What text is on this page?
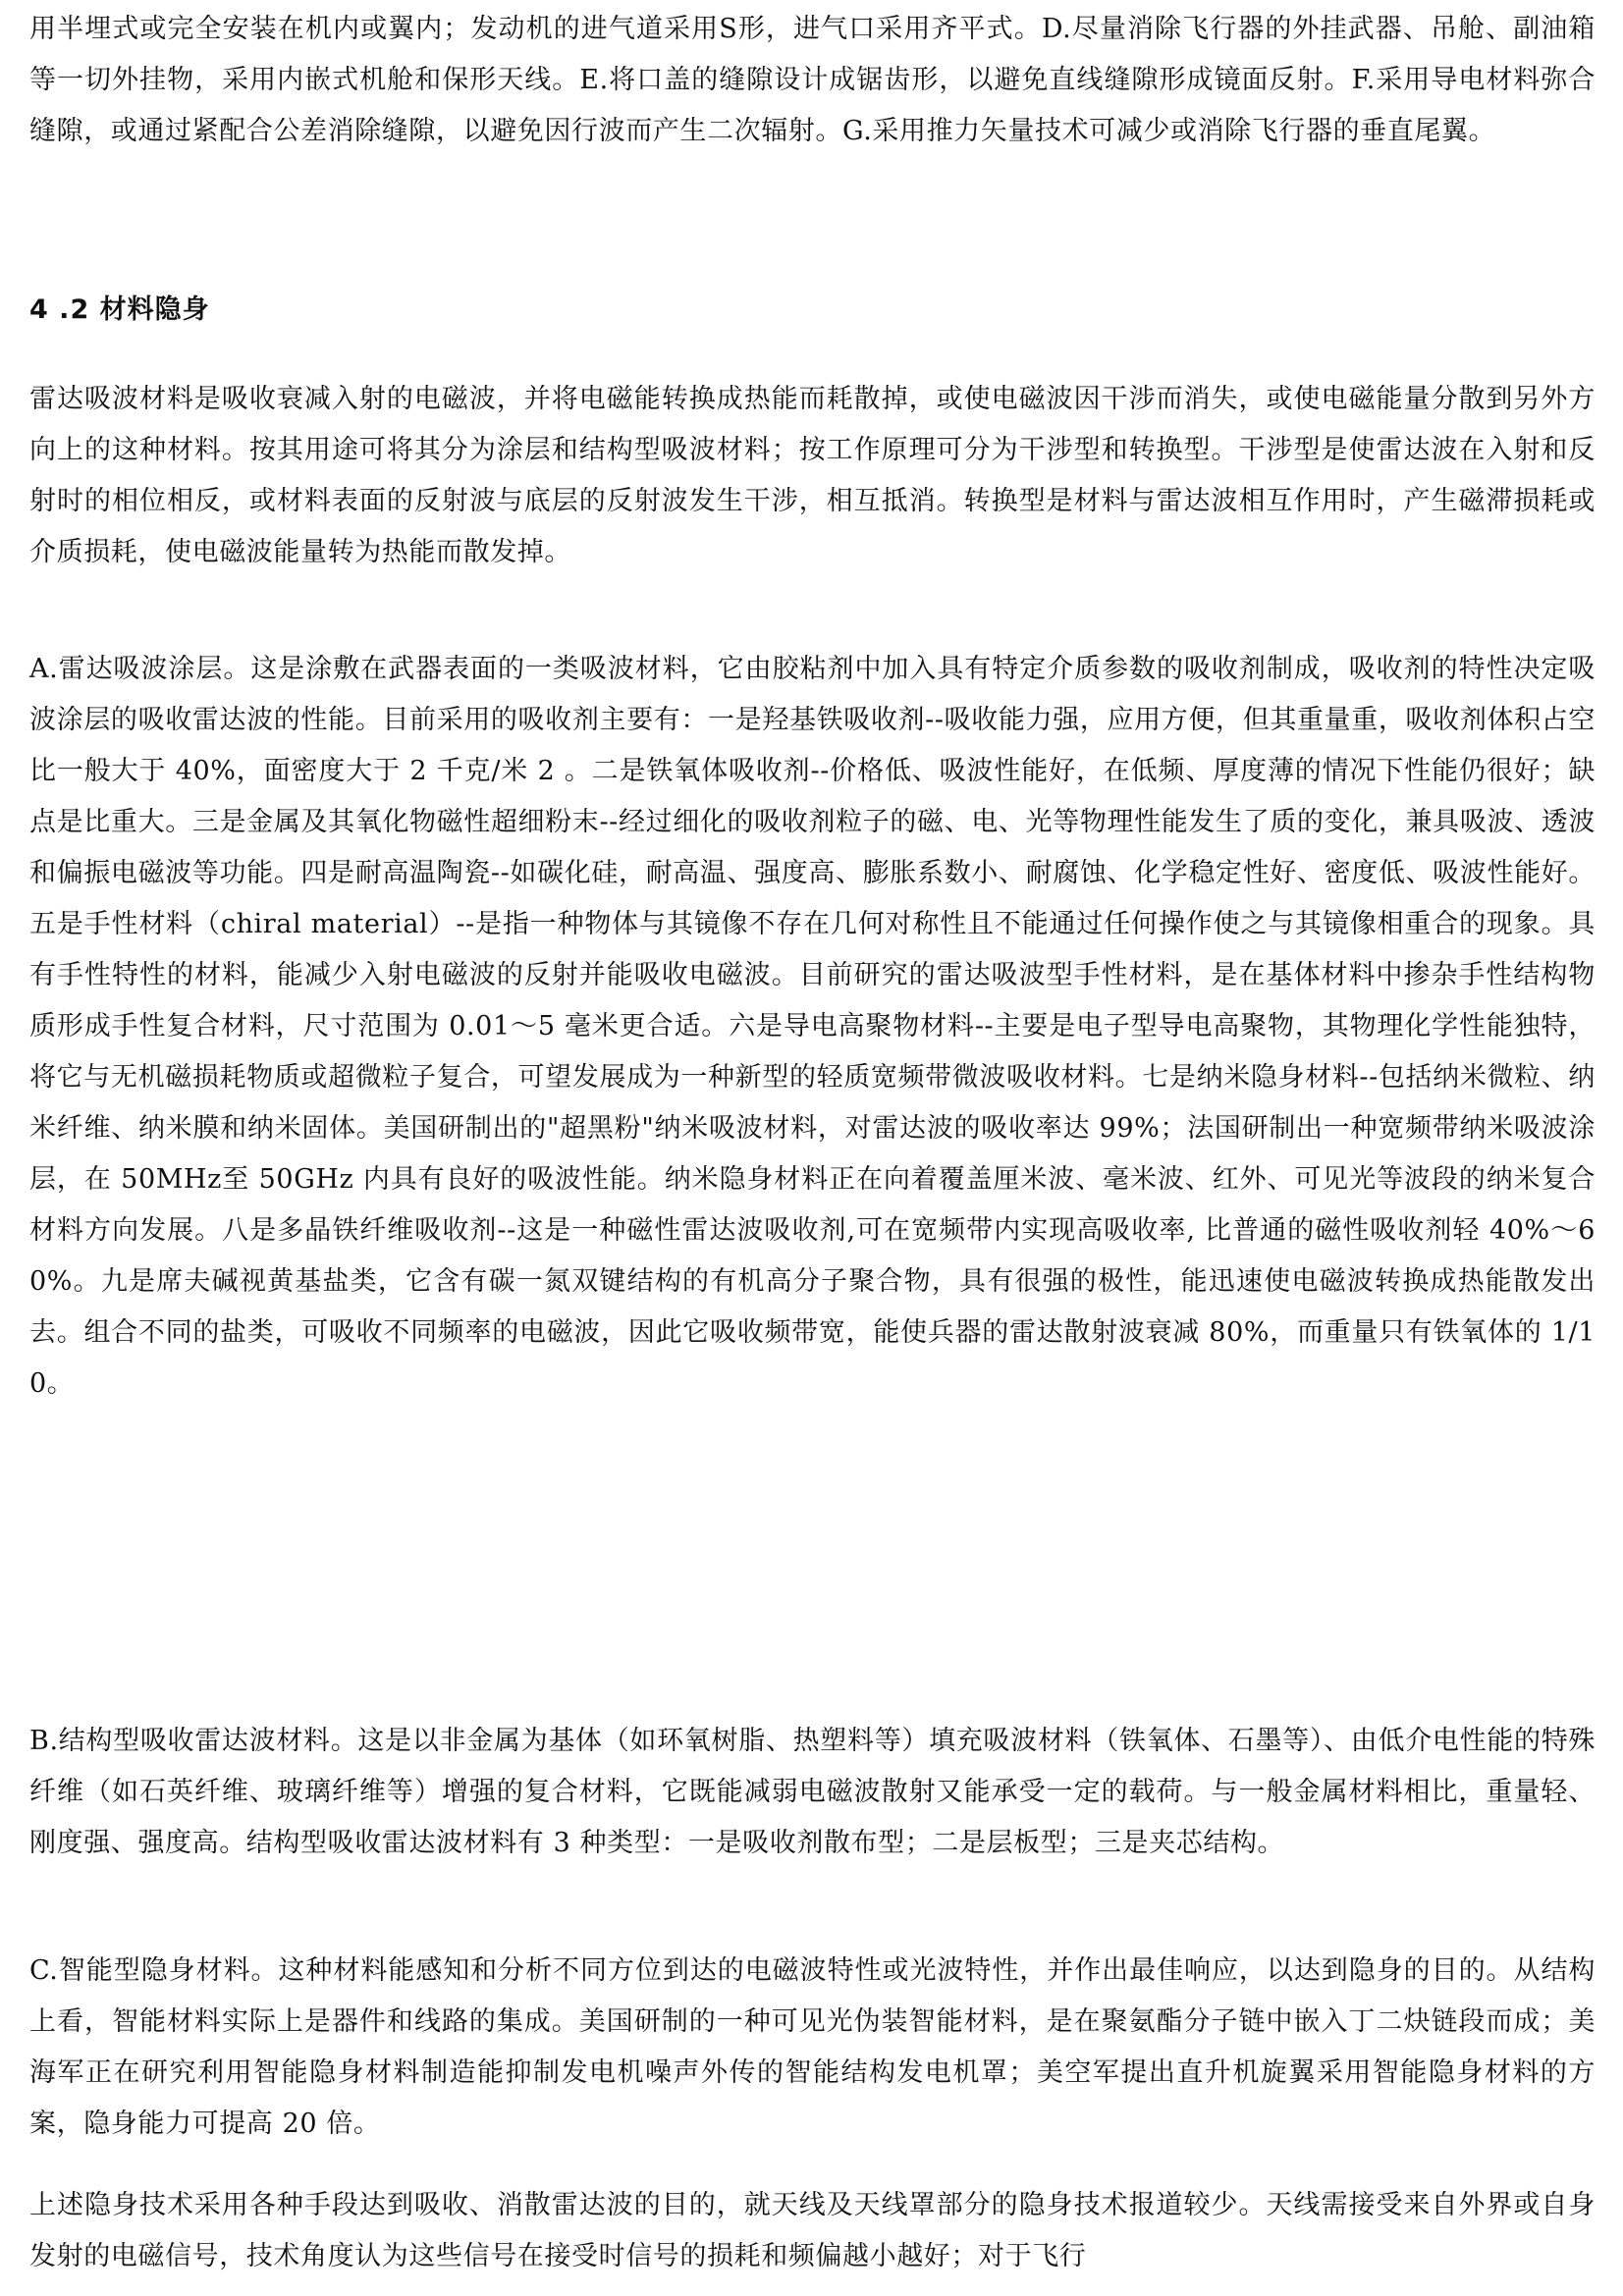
用半埋式或完全安装在机内或翼内；发动机的进气道采用S形，进气口采用齐平式。D.尽量消除飞行器的外挂武器、吊舱、副油箱等一切外挂物，采用内嵌式机舱和保形天线。E.将口盖的缝隙设计成锯齿形，以避免直线缝隙形成镜面反射。F.采用导电材料弥合缝隙，或通过紧配合公差消除缝隙，以避免因行波而产生二次辐射。G.采用推力矢量技术可减少或消除飞行器的垂直尾翼。

4 .2 材料隐身

雷达吸波材料是吸收衰减入射的电磁波，并将电磁能转换成热能而耗散掉，或使电磁波因干涉而消失，或使电磁能量分散到另外方向上的这种材料。按其用途可将其分为涂层和结构型吸波材料；按工作原理可分为干涉型和转换型。干涉型是使雷达波在入射和反射时的相位相反，或材料表面的反射波与底层的反射波发生干涉，相互抵消。转换型是材料与雷达波相互作用时，产生磁滞损耗或介质损耗，使电磁波能量转为热能而散发掉。

A.雷达吸波涂层。这是涂敷在武器表面的一类吸波材料，它由胶粘剂中加入具有特定介质参数的吸收剂制成，吸收剂的特性决定吸波涂层的吸收雷达波的性能。目前采用的吸收剂主要有：一是羟基铁吸收剂--吸收能力强，应用方便，但其重量重，吸收剂体积占空比一般大于 40%，面密度大于 2 千克/米 2 。二是铁氧体吸收剂--价格低、吸波性能好，在低频、厚度薄的情况下性能仍很好；缺点是比重大。三是金属及其氧化物磁性超细粉末--经过细化的吸收剂粒子的磁、电、光等物理性能发生了质的变化，兼具吸波、透波和偏振电磁波等功能。四是耐高温陶瓷--如碳化硅，耐高温、强度高、膨胀系数小、耐腐蚀、化学稳定性好、密度低、吸波性能好。五是手性材料（chiral material）--是指一种物体与其镜像不存在几何对称性且不能通过任何操作使之与其镜像相重合的现象。具有手性特性的材料，能减少入射电磁波的反射并能吸收电磁波。目前研究的雷达吸波型手性材料，是在基体材料中掺杂手性结构物质形成手性复合材料，尺寸范围为 0.01～5 毫米更合适。六是导电高聚物材料--主要是电子型导电高聚物，其物理化学性能独特，将它与无机磁损耗物质或超微粒子复合，可望发展成为一种新型的轻质宽频带微波吸收材料。七是纳米隐身材料--包括纳米微粒、纳米纤维、纳米膜和纳米固体。美国研制出的"超黑粉"纳米吸波材料，对雷达波的吸收率达 99%；法国研制出一种宽频带纳米吸波涂层，在 50MHz至 50GHz 内具有良好的吸波性能。纳米隐身材料正在向着覆盖厘米波、毫米波、红外、可见光等波段的纳米复合材料方向发展。八是多晶铁纤维吸收剂--这是一种磁性雷达波吸收剂,可在宽频带内实现高吸收率, 比普通的磁性吸收剂轻 40%～60%。九是席夫碱视黄基盐类，它含有碳一氮双键结构的有机高分子聚合物，具有很强的极性，能迅速使电磁波转换成热能散发出去。组合不同的盐类，可吸收不同频率的电磁波，因此它吸收频带宽，能使兵器的雷达散射波衰减 80%，而重量只有铁氧体的 1/10。

B.结构型吸收雷达波材料。这是以非金属为基体（如环氧树脂、热塑料等）填充吸波材料（铁氧体、石墨等）、由低介电性能的特殊纤维（如石英纤维、玻璃纤维等）增强的复合材料，它既能减弱电磁波散射又能承受一定的载荷。与一般金属材料相比，重量轻、刚度强、强度高。结构型吸收雷达波材料有 3 种类型：一是吸收剂散布型；二是层板型；三是夹芯结构。

C.智能型隐身材料。这种材料能感知和分析不同方位到达的电磁波特性或光波特性，并作出最佳响应，以达到隐身的目的。从结构上看，智能材料实际上是器件和线路的集成。美国研制的一种可见光伪装智能材料，是在聚氨酯分子链中嵌入丁二炔链段而成；美海军正在研究利用智能隐身材料制造能抑制发电机噪声外传的智能结构发电机罩；美空军提出直升机旋翼采用智能隐身材料的方案，隐身能力可提高 20 倍。

上述隐身技术采用各种手段达到吸收、消散雷达波的目的，就天线及天线罩部分的隐身技术报道较少。天线需接受来自外界或自身发射的电磁信号，技术角度认为这些信号在接受时信号的损耗和频偏越小越好；对于飞行
